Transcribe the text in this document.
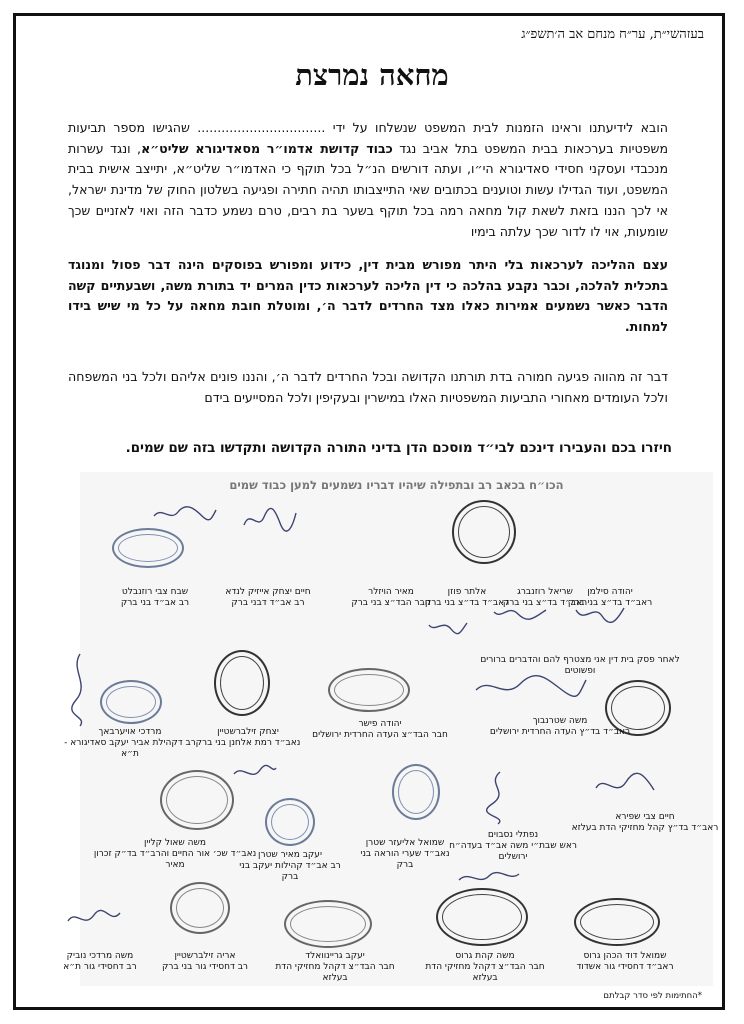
בעזהשי״ת, ער״ח מנחם אב ה׳תשפ״ג
מחאה נמרצת
הובא לידיעתנו וראינו הזמנות לבית המשפט שנשלחו על ידי ................................ שהגישו מספר תביעות משפטיות בערכאות בבית המשפט בתל אביב נגד כבוד קדושת אדמו״ר מסאדיגורא שליט״א, ונגד עשרות מנכבדי ועסקני חסידי סאדיגורא הי״ו, ועתה דורשים הנ״ל בכל תוקף כי האדמו״ר שליט״א, יתייצב אישית בבית המשפט, ועוד הגדילו עשות וטוענים בכתובים שאי התייצבותו תהיה חתירה ופגיעה בשלטון החוק של מדינת ישראל, אי לכך הננו בזאת לשאת קול מחאה רמה בכל תוקף בשער בת רבים, טרם נשמע כדבר הזה ואוי לאזניים שכך שומעות, אוי לו לדור שכך עלתה בימיו
עצם ההליכה לערכאות בלי היתר מפורש מבית דין, כידוע ומפורש בפוסקים הינה דבר פסול ומנוגד בתכלית להלכה, וכבר נקבע בהלכה כי דין הליכה לערכאות כדין המרים יד בתורת משה, ושבעתיים קשה הדבר כאשר נשמעים אמירות כאלו מצד החרדים לדבר ה׳, ומוטלת חובת מחאה על כל מי שיש בידו למחות.
דבר זה מהווה פגיעה חמורה בדת תורתנו הקדושה ובכל החרדים לדבר ה׳, והננו פונים אליהם ולכל בני המשפחה ולכל העומדים מאחורי התביעות המשפטיות האלו במישרין ובעקיפין ולכל המסייעים בידם
חיזרו בכם והעבירו דינכם לבי״ד מוסכם הדן בדיני התורה הקדושה ותקדשו בזה שם שמים.
הכו״ח בכאב רב ובתפילה שיהיו דבריו נשמעים למען כבוד שמים
יהודה סילמן
ראב״ד בד״צ בני ברק
שריאל רוזנברג
ראב״ד בד״צ בני ברק
אלתר פוזן
ראב״ד בד״צ בני ברק
מאיר הויזלר
חבר הבד״צ בני ברק
חיים יצחק אייזיק לנדא
רב אב״ד דבני ברק
שבח צבי רוזנבלט
רב אב״ד בני ברק
לאחר פסק בית דין אני מצטרף להם והדברים ברורים ופשוטים
משה שטרנבוך
ראב״ד בד״ץ העדה החרדית ירושלים
יהודה פישר
חבר הבד״צ העדה החרדית ירושלים
יצחק זילברשטיין
נאב״ד רמת אלחנן בני ברק
מרדכי אויערבאך
רב דקהילת אביר יעקב סאדיגורא - ת״א
חיים צבי שפירא
ראב״ד בד״ץ קהל מחזיקי הדת בעלזא
נפתלי נסבוים
ראש שבת״י משה אב״ד בעדה״ח ירושלים
שמואל אליעזר שטרן
נאב״ד שערי הוראה בני ברק
יעקב מאיר שטרן
רב אב״ד קהילות יעקב בני ברק
משה שאול קליין
נאב״ד שכ׳ אור החיים והרב״ד בד״ק זכרון מאיר
שמואל דוד הכהן גרוס
ראב״ד דחסידי גור אשדוד
משה קהת גרוס
חבר הבד״צ דקהל מחזיקי הדת בעלזא
יעקב גריינוואלד
חבר הבד״צ דקהל מחזיקי הדת בעלזא
אריה זילברשטיין
רב דחסידי גור בני ברק
משה מרדכי נוביק
רב דחסידי גור ת״א
*החתימות לפי סדר קבלתם
